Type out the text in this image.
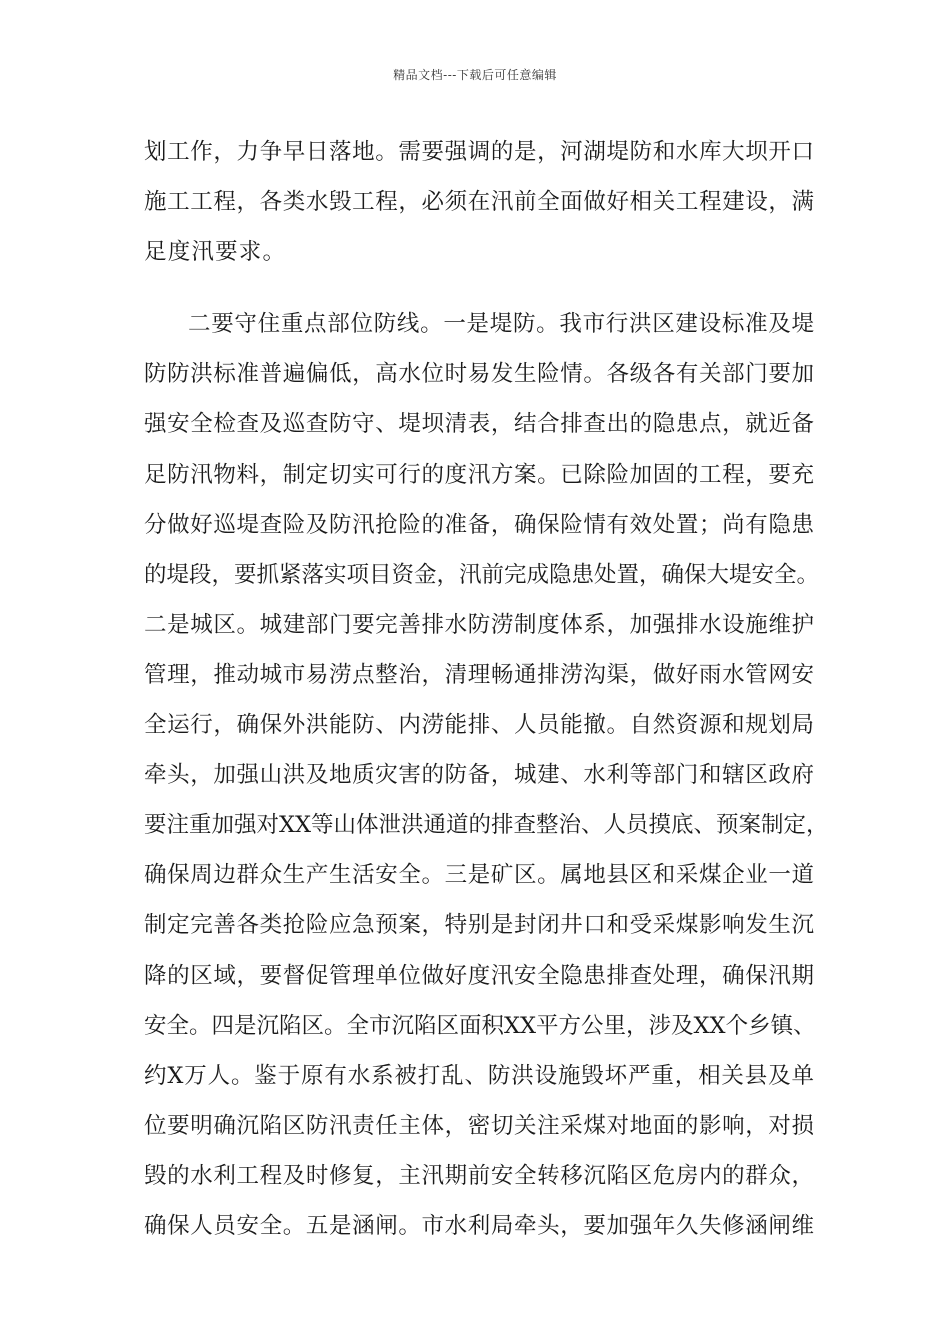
精品文档---下载后可任意编辑
划工作，力争早日落地。需要强调的是，河湖堤防和水库大坝开口
施工工程，各类水毁工程，必须在汛前全面做好相关工程建设，满
足度汛要求。
二要守住重点部位防线。一是堤防。我市行洪区建设标准及堤
防防洪标准普遍偏低，高水位时易发生险情。各级各有关部门要加
强安全检查及巡查防守、堤坝清表，结合排查出的隐患点，就近备
足防汛物料，制定切实可行的度汛方案。已除险加固的工程，要充
分做好巡堤查险及防汛抢险的准备，确保险情有效处置；尚有隐患
的堤段，要抓紧落实项目资金，汛前完成隐患处置，确保大堤安全。
二是城区。城建部门要完善排水防涝制度体系，加强排水设施维护
管理，推动城市易涝点整治，清理畅通排涝沟渠，做好雨水管网安
全运行，确保外洪能防、内涝能排、人员能撤。自然资源和规划局
牵头，加强山洪及地质灾害的防备，城建、水利等部门和辖区政府
要注重加强对XX等山体泄洪通道的排查整治、人员摸底、预案制定，
确保周边群众生产生活安全。三是矿区。属地县区和采煤企业一道
制定完善各类抢险应急预案，特别是封闭井口和受采煤影响发生沉
降的区域，要督促管理单位做好度汛安全隐患排查处理，确保汛期
安全。四是沉陷区。全市沉陷区面积XX平方公里，涉及XX个乡镇、
约X万人。鉴于原有水系被打乱、防洪设施毁坏严重，相关县及单
位要明确沉陷区防汛责任主体，密切关注采煤对地面的影响，对损
毁的水利工程及时修复，主汛期前安全转移沉陷区危房内的群众，
确保人员安全。五是涵闸。市水利局牵头，要加强年久失修涵闸维
